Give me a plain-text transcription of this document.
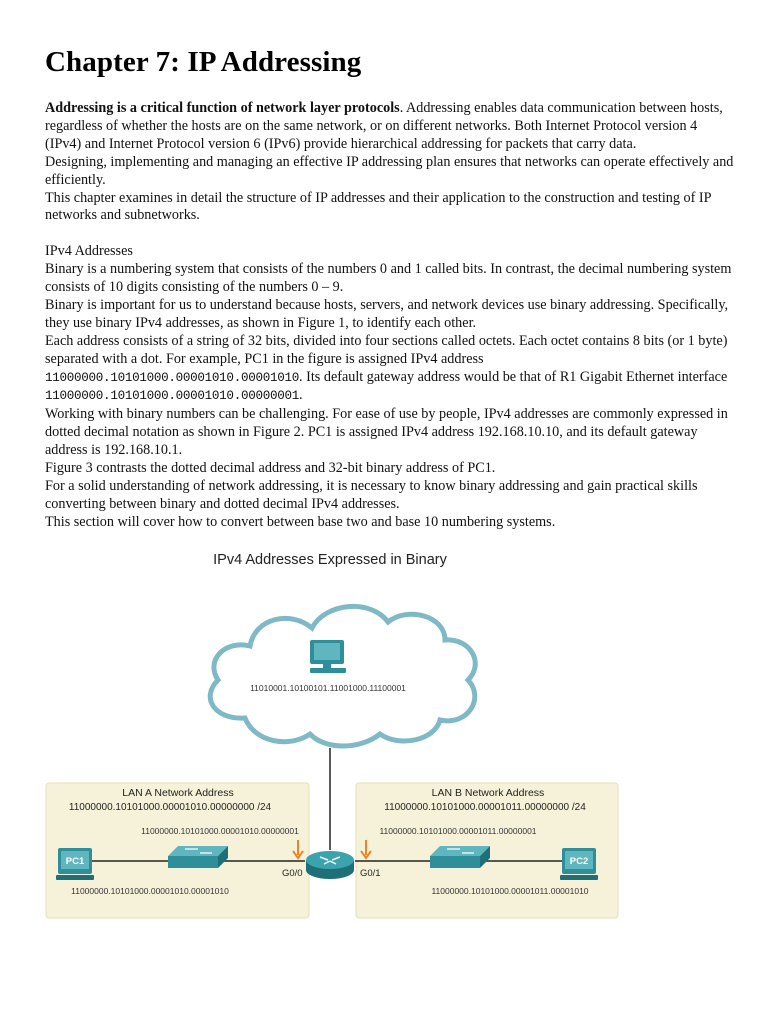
Chapter 7: IP Addressing

Addressing is a critical function of network layer protocols. Addressing enables data communication between hosts, regardless of whether the hosts are on the same network, or on different networks. Both Internet Protocol version 4 (IPv4) and Internet Protocol version 6 (IPv6) provide hierarchical addressing for packets that carry data.

Designing, implementing and managing an effective IP addressing plan ensures that networks can operate effectively and efficiently.

This chapter examines in detail the structure of IP addresses and their application to the construction and testing of IP networks and subnetworks.

IPv4 Addresses

Binary is a numbering system that consists of the numbers 0 and 1 called bits. In contrast, the decimal numbering system consists of 10 digits consisting of the numbers 0 – 9.

Binary is important for us to understand because hosts, servers, and network devices use binary addressing. Specifically, they use binary IPv4 addresses, as shown in Figure 1, to identify each other.

Each address consists of a string of 32 bits, divided into four sections called octets. Each octet contains 8 bits (or 1 byte) separated with a dot. For example, PC1 in the figure is assigned IPv4 address 11000000.10101000.00001010.00001010. Its default gateway address would be that of R1 Gigabit Ethernet interface 11000000.10101000.00001010.00000001.

Working with binary numbers can be challenging. For ease of use by people, IPv4 addresses are commonly expressed in dotted decimal notation as shown in Figure 2. PC1 is assigned IPv4 address 192.168.10.10, and its default gateway address is 192.168.10.1.

Figure 3 contrasts the dotted decimal address and 32-bit binary address of PC1.

For a solid understanding of network addressing, it is necessary to know binary addressing and gain practical skills converting between binary and dotted decimal IPv4 addresses.

This section will cover how to convert between base two and base 10 numbering systems.

11010001.10100101.11001000.11100001
LAN A Network Address
11000000.10101000.00001010.00000000 /24
11000000.10101000.00001010.00000001
11000000.10101000.00001010.00001010
G0/0
LAN B Network Address
11000000.10101000.00001011.00000000 /24
11000000.10101000.00001011.00000001
11000000.10101000.00001011.00001010
G0/1
PC1	PC2
IPv4 Addresses Expressed in Binary
